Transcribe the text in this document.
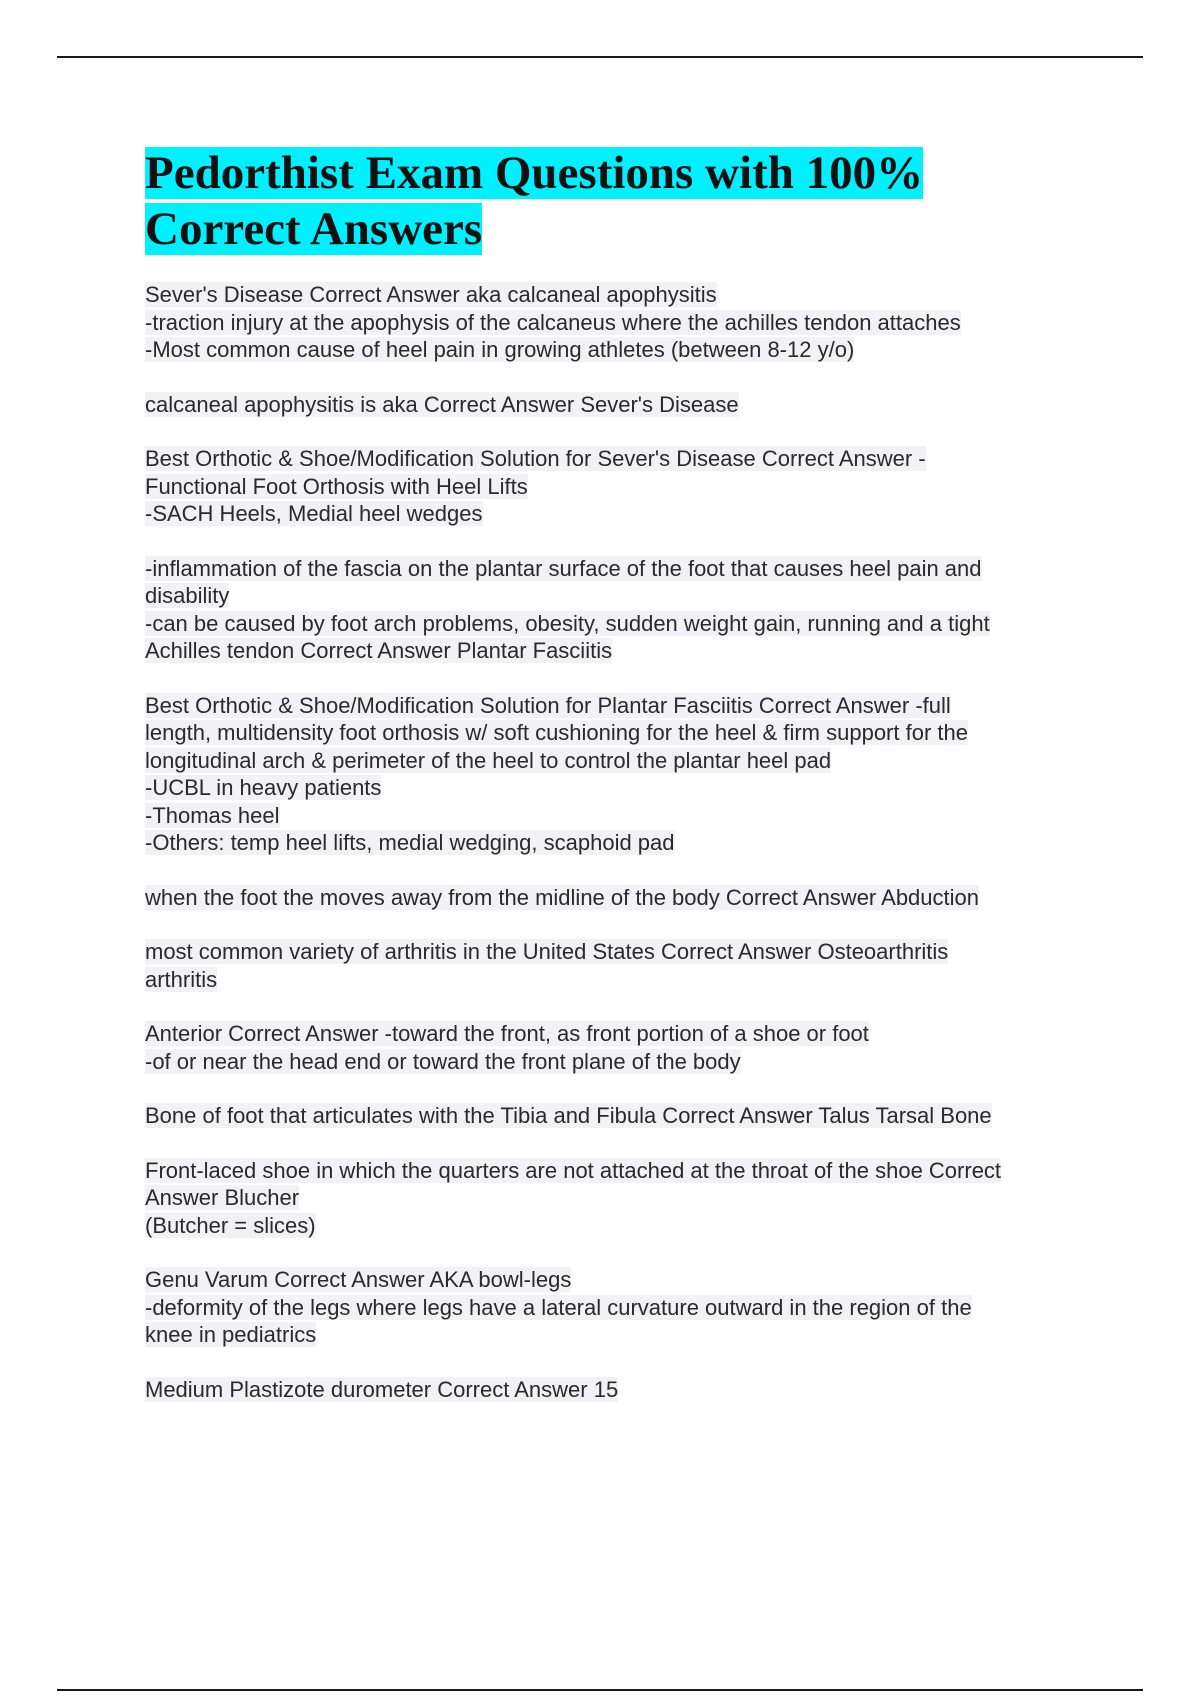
Pedorthist Exam Questions with 100%
Correct Answers
Sever's Disease Correct Answer aka calcaneal apophysitis
-traction injury at the apophysis of the calcaneus where the achilles tendon attaches
-Most common cause of heel pain in growing athletes (between 8-12 y/o)
calcaneal apophysitis is aka Correct Answer Sever's Disease
Best Orthotic & Shoe/Modification Solution for Sever's Disease Correct Answer -
Functional Foot Orthosis with Heel Lifts
-SACH Heels, Medial heel wedges
-inflammation of the fascia on the plantar surface of the foot that causes heel pain and
disability
-can be caused by foot arch problems, obesity, sudden weight gain, running and a tight
Achilles tendon Correct Answer Plantar Fasciitis
Best Orthotic & Shoe/Modification Solution for Plantar Fasciitis Correct Answer -full
length, multidensity foot orthosis w/ soft cushioning for the heel & firm support for the
longitudinal arch & perimeter of the heel to control the plantar heel pad
-UCBL in heavy patients
-Thomas heel
-Others: temp heel lifts, medial wedging, scaphoid pad
when the foot the moves away from the midline of the body Correct Answer Abduction
most common variety of arthritis in the United States Correct Answer Osteoarthritis
arthritis
Anterior Correct Answer -toward the front, as front portion of a shoe or foot
-of or near the head end or toward the front plane of the body
Bone of foot that articulates with the Tibia and Fibula Correct Answer Talus Tarsal Bone
Front-laced shoe in which the quarters are not attached at the throat of the shoe Correct
Answer Blucher
(Butcher = slices)
Genu Varum Correct Answer AKA bowl-legs
-deformity of the legs where legs have a lateral curvature outward in the region of the
knee in pediatrics
Medium Plastizote durometer Correct Answer 15
